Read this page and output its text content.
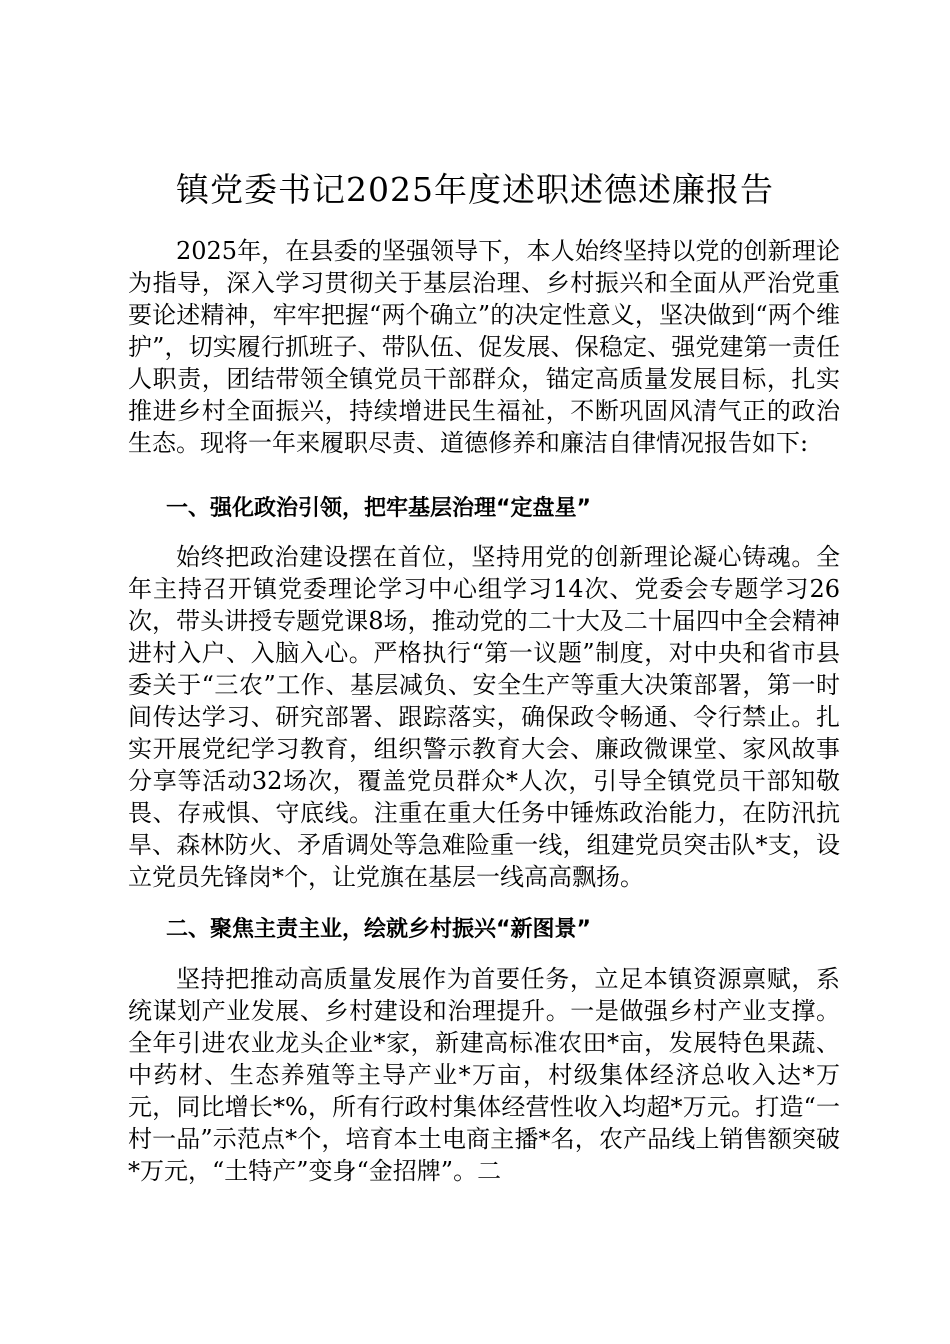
镇党委书记2025年度述职述德述廉报告

2025年，在县委的坚强领导下，本人始终坚持以党的创新理论为指导，深入学习贯彻关于基层治理、乡村振兴和全面从严治党重要论述精神，牢牢把握“两个确立”的决定性意义，坚决做到“两个维护”，切实履行抓班子、带队伍、促发展、保稳定、强党建第一责任人职责，团结带领全镇党员干部群众，锚定高质量发展目标，扎实推进乡村全面振兴，持续增进民生福祉，不断巩固风清气正的政治生态。现将一年来履职尽责、道德修养和廉洁自律情况报告如下:

一、强化政治引领，把牢基层治理“定盘星”

始终把政治建设摆在首位，坚持用党的创新理论凝心铸魂。全年主持召开镇党委理论学习中心组学习14次、党委会专题学习26次，带头讲授专题党课8场，推动党的二十大及二十届四中全会精神进村入户、入脑入心。严格执行“第一议题”制度，对中央和省市县委关于“三农”工作、基层减负、安全生产等重大决策部署，第一时间传达学习、研究部署、跟踪落实，确保政令畅通、令行禁止。扎实开展党纪学习教育，组织警示教育大会、廉政微课堂、家风故事分享等活动32场次，覆盖党员群众*人次，引导全镇党员干部知敬畏、存戒惧、守底线。注重在重大任务中锤炼政治能力，在防汛抗旱、森林防火、矛盾调处等急难险重一线，组建党员突击队*支，设立党员先锋岗*个，让党旗在基层一线高高飘扬。

二、聚焦主责主业，绘就乡村振兴“新图景”

坚持把推动高质量发展作为首要任务，立足本镇资源禀赋，系统谋划产业发展、乡村建设和治理提升。一是做强乡村产业支撑。全年引进农业龙头企业*家，新建高标准农田*亩，发展特色果蔬、中药材、生态养殖等主导产业*万亩，村级集体经济总收入达*万元，同比增长*%，所有行政村集体经营性收入均超*万元。打造“一村一品”示范点*个，培育本土电商主播*名，农产品线上销售额突破*万元，“土特产”变身“金招牌”。二
